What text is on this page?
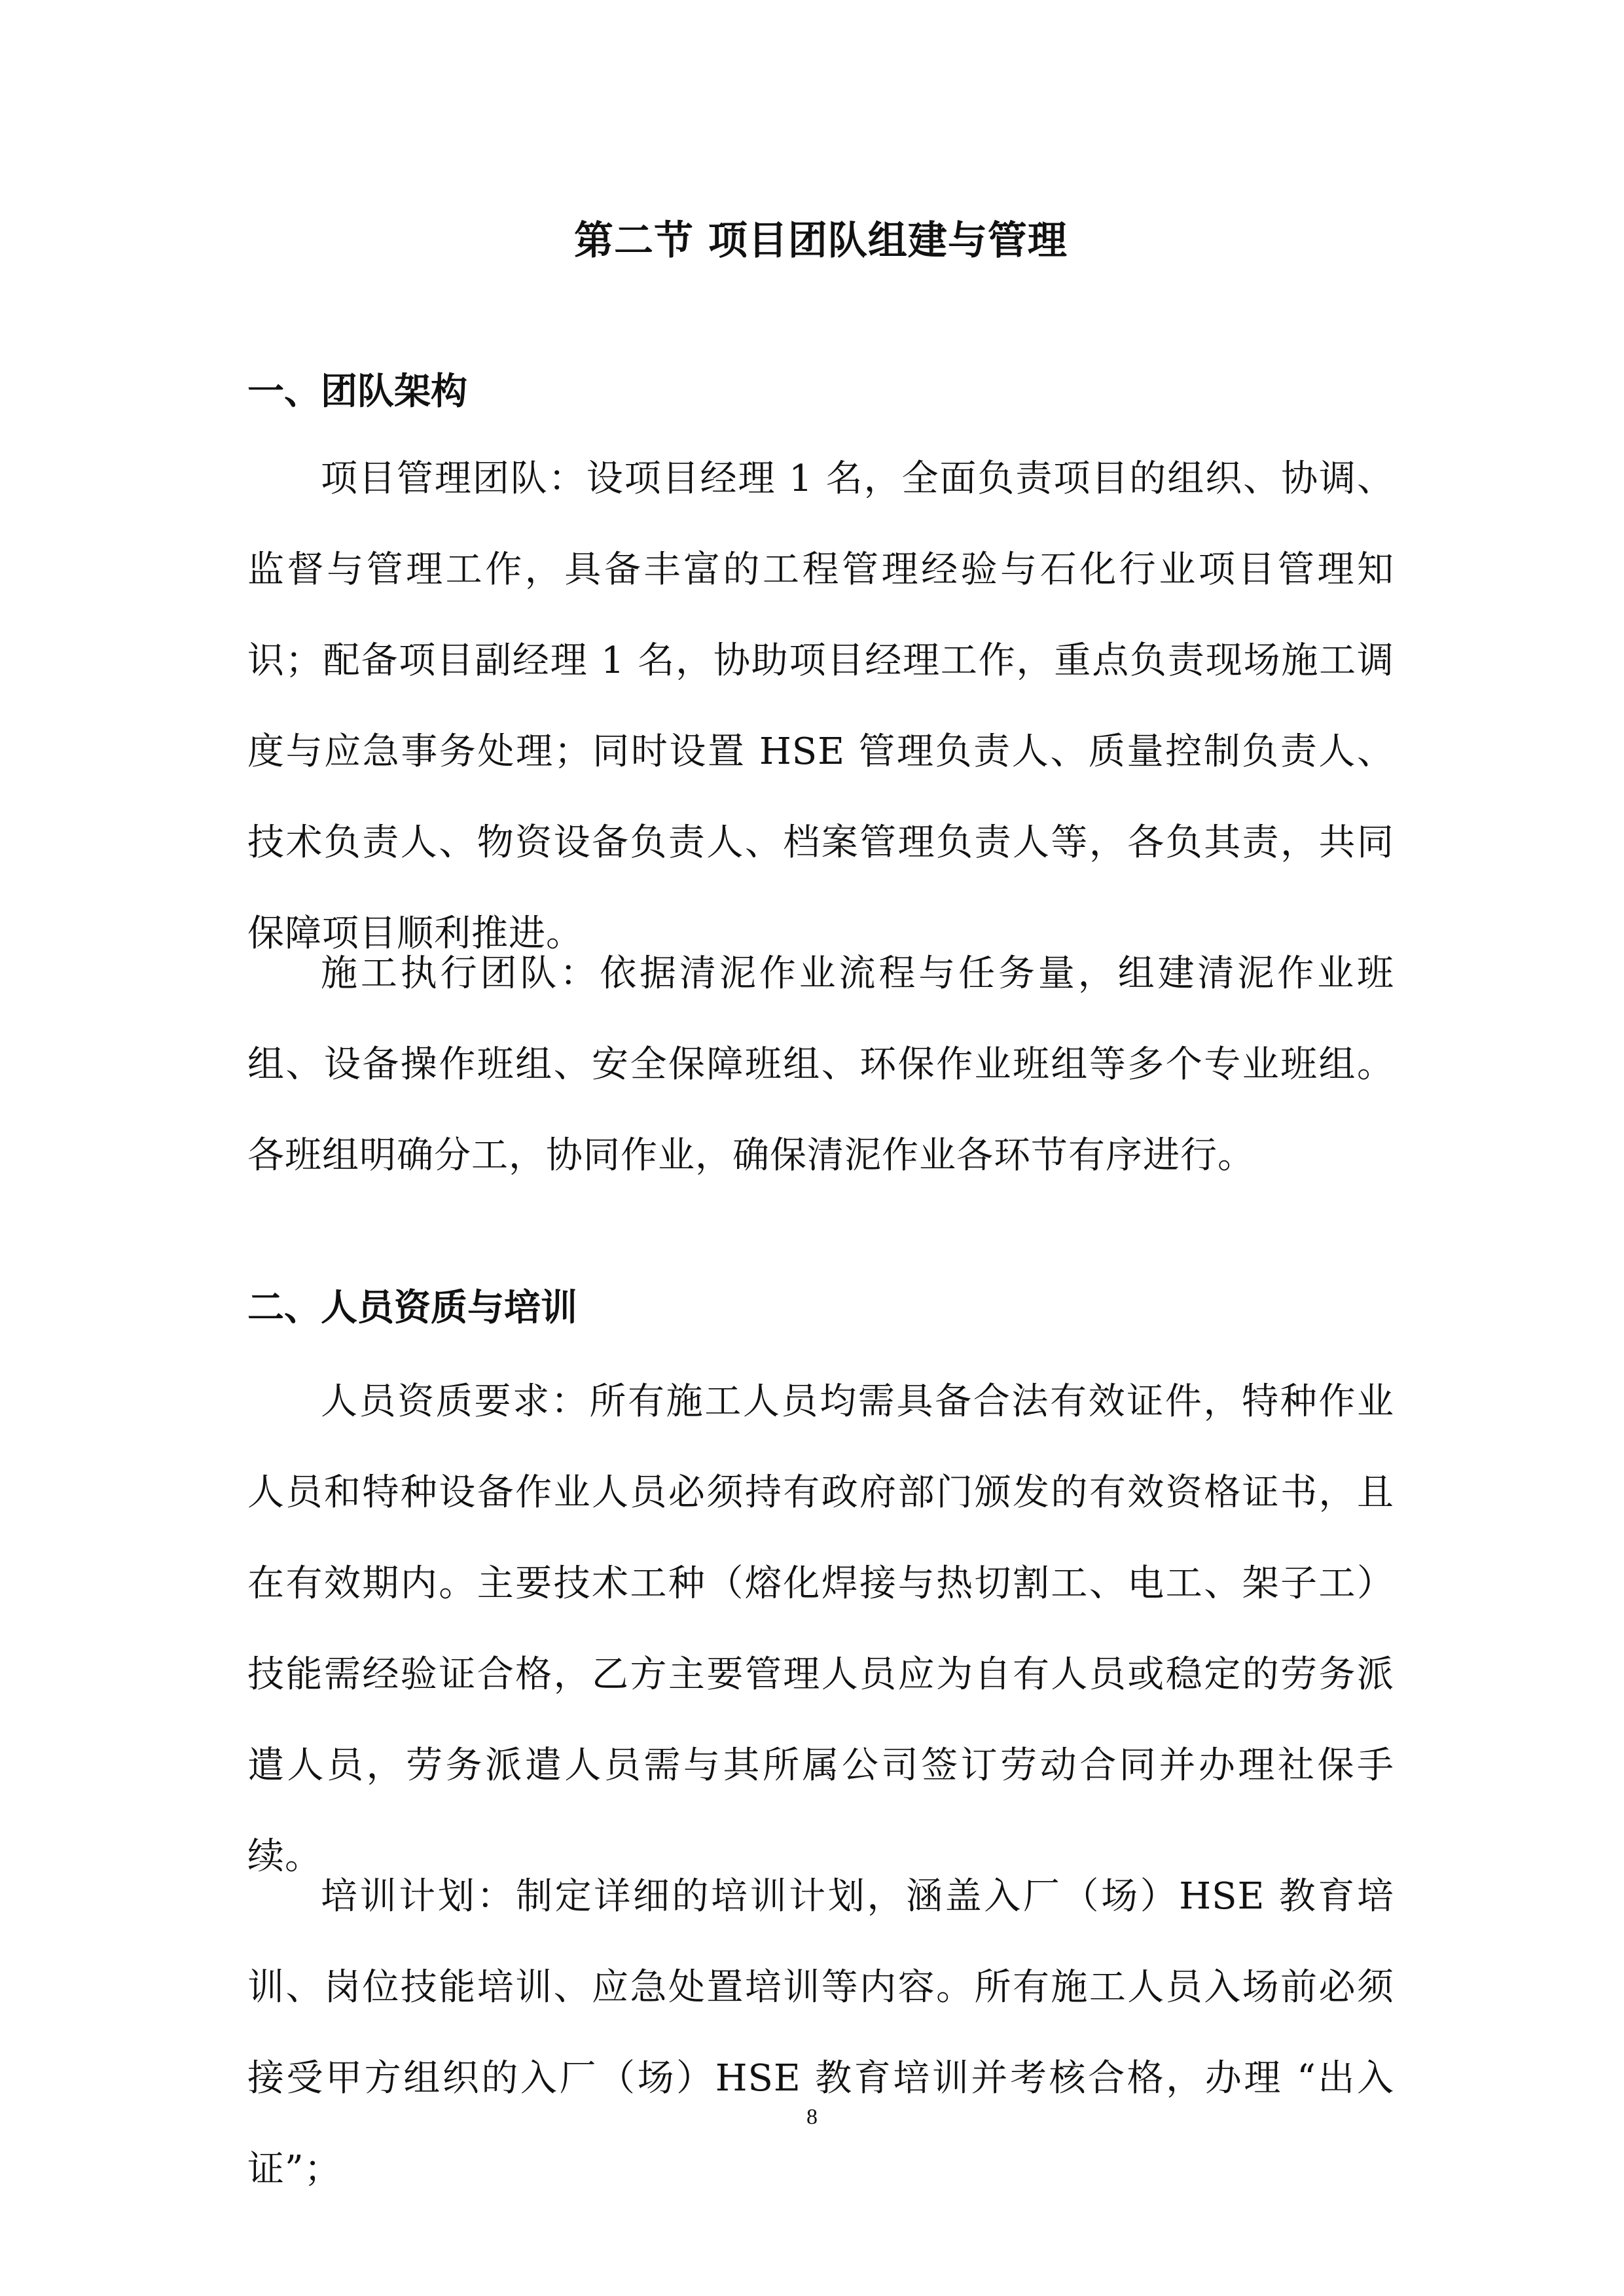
第二节 项目团队组建与管理
一、团队架构

项目管理团队：设项目经理 1 名，全面负责项目的组织、协调、监督与管理工作，具备丰富的工程管理经验与石化行业项目管理知识；配备项目副经理 1 名，协助项目经理工作，重点负责现场施工调度与应急事务处理；同时设置 HSE 管理负责人、质量控制负责人、技术负责人、物资设备负责人、档案管理负责人等，各负其责，共同保障项目顺利推进。

施工执行团队：依据清泥作业流程与任务量，组建清泥作业班组、设备操作班组、安全保障班组、环保作业班组等多个专业班组。各班组明确分工，协同作业，确保清泥作业各环节有序进行。

二、人员资质与培训

人员资质要求：所有施工人员均需具备合法有效证件，特种作业人员和特种设备作业人员必须持有政府部门颁发的有效资格证书，且在有效期内。主要技术工种（熔化焊接与热切割工、电工、架子工）技能需经验证合格，乙方主要管理人员应为自有人员或稳定的劳务派遣人员，劳务派遣人员需与其所属公司签订劳动合同并办理社保手续。

培训计划：制定详细的培训计划，涵盖入厂（场）HSE 教育培训、岗位技能培训、应急处置培训等内容。所有施工人员入场前必须接受甲方组织的入厂（场）HSE 教育培训并考核合格，办理 “出入证”；

8
